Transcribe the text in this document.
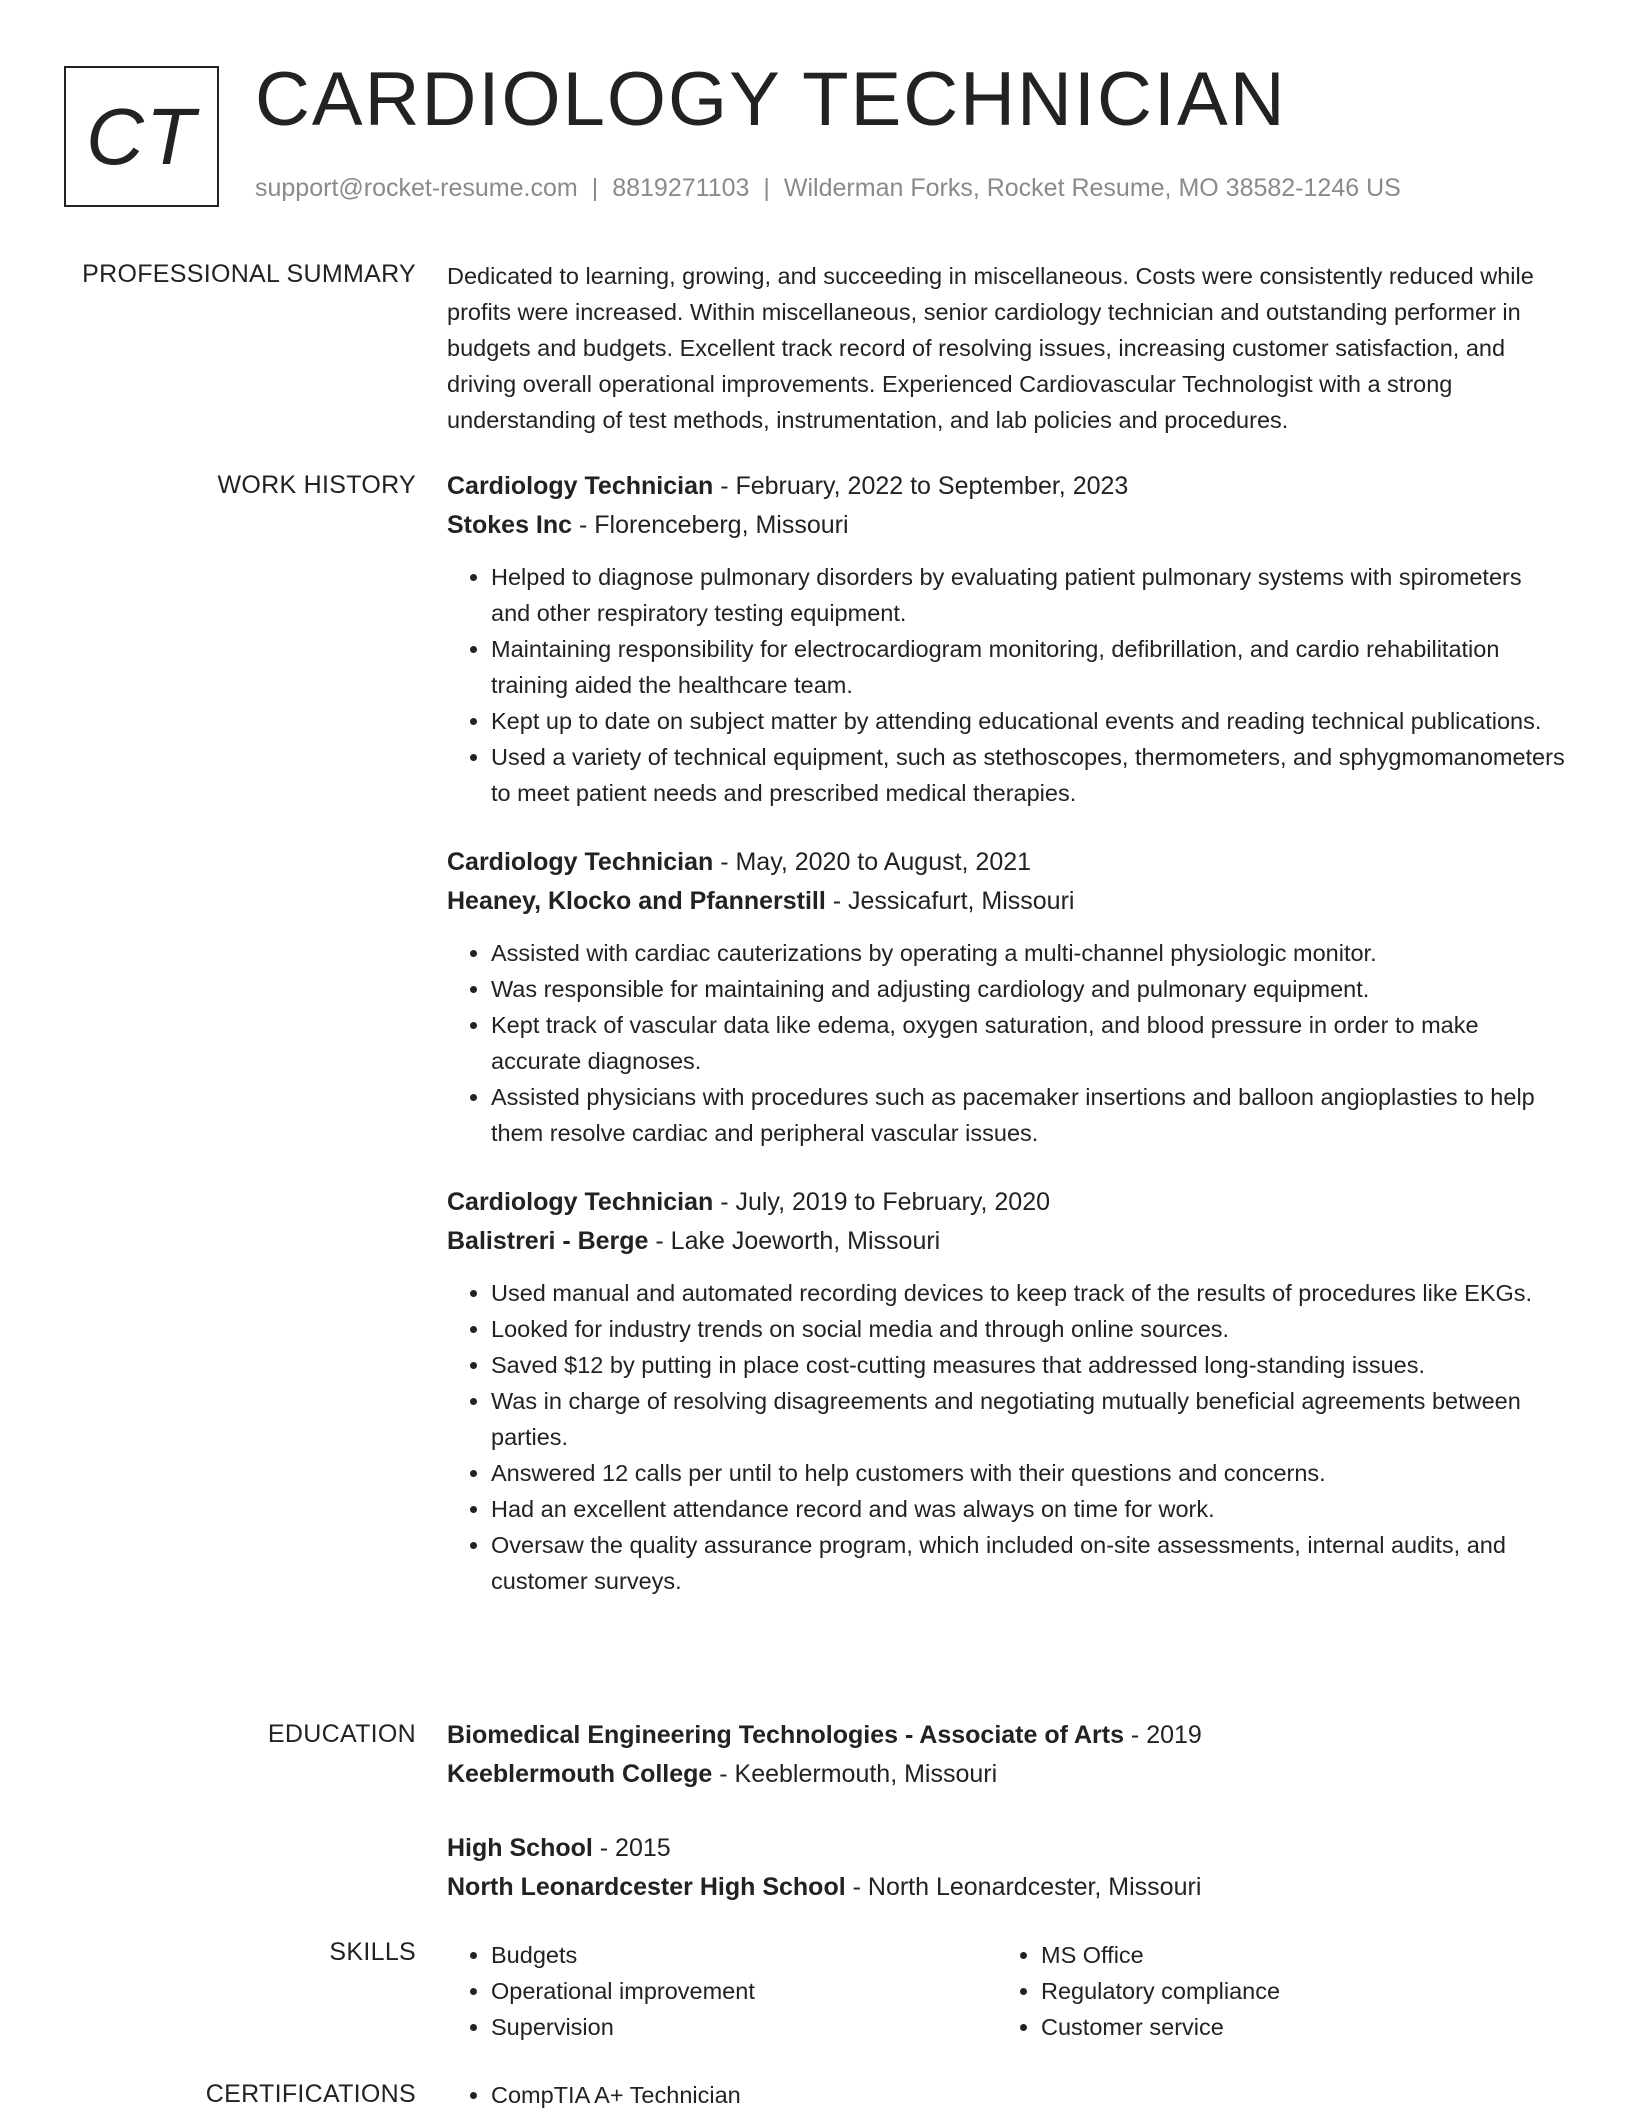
CT CARDIOLOGY TECHNICIAN
support@rocket-resume.com | 8819271103 | Wilderman Forks, Rocket Resume, MO 38582-1246 US
PROFESSIONAL SUMMARY Dedicated to learning, growing, and succeeding in miscellaneous. Costs were consistently reduced while profits were increased. Within miscellaneous, senior cardiology technician and outstanding performer in budgets and budgets. Excellent track record of resolving issues, increasing customer satisfaction, and driving overall operational improvements. Experienced Cardiovascular Technologist with a strong understanding of test methods, instrumentation, and lab policies and procedures.

WORK HISTORY Cardiology Technician - February, 2022 to September, 2023
Stokes Inc - Florenceberg, Missouri
• Helped to diagnose pulmonary disorders by evaluating patient pulmonary systems with spirometers and other respiratory testing equipment.
• Maintaining responsibility for electrocardiogram monitoring, defibrillation, and cardio rehabilitation training aided the healthcare team.
• Kept up to date on subject matter by attending educational events and reading technical publications.
• Used a variety of technical equipment, such as stethoscopes, thermometers, and sphygmomanometers to meet patient needs and prescribed medical therapies.
Cardiology Technician - May, 2020 to August, 2021
Heaney, Klocko and Pfannerstill - Jessicafurt, Missouri
• Assisted with cardiac cauterizations by operating a multi-channel physiologic monitor.
• Was responsible for maintaining and adjusting cardiology and pulmonary equipment.
• Kept track of vascular data like edema, oxygen saturation, and blood pressure in order to make accurate diagnoses.
• Assisted physicians with procedures such as pacemaker insertions and balloon angioplasties to help them resolve cardiac and peripheral vascular issues.
Cardiology Technician - July, 2019 to February, 2020
Balistreri - Berge - Lake Joeworth, Missouri
• Used manual and automated recording devices to keep track of the results of procedures like EKGs.
• Looked for industry trends on social media and through online sources.
• Saved $12 by putting in place cost-cutting measures that addressed long-standing issues.
• Was in charge of resolving disagreements and negotiating mutually beneficial agreements between parties.
• Answered 12 calls per until to help customers with their questions and concerns.
• Had an excellent attendance record and was always on time for work.
• Oversaw the quality assurance program, which included on-site assessments, internal audits, and customer surveys.
EDUCATION Biomedical Engineering Technologies - Associate of Arts - 2019
Keeblermouth College - Keeblermouth, Missouri
High School - 2015
North Leonardcester High School - North Leonardcester, Missouri
SKILLS	• Budgets
• Operational improvement
• Supervision
• MS Office
• Regulatory compliance
• Customer service
CERTIFICATIONS	• CompTIA A+ Technician
